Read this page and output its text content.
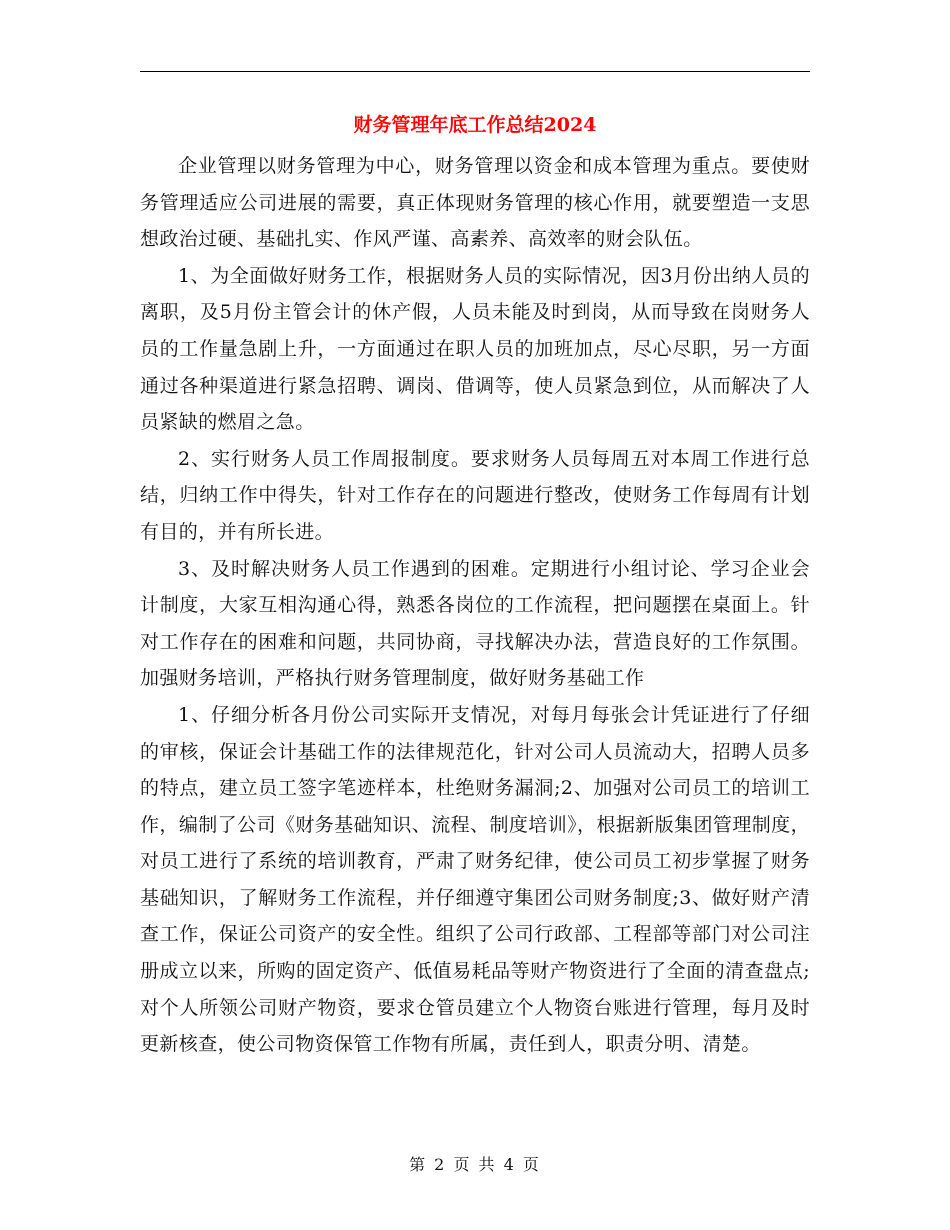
财务管理年底工作总结2024

企业管理以财务管理为中心，财务管理以资金和成本管理为重点。要使财务管理适应公司进展的需要，真正体现财务管理的核心作用，就要塑造一支思想政治过硬、基础扎实、作风严谨、高素养、高效率的财会队伍。

1、为全面做好财务工作，根据财务人员的实际情况，因3月份出纳人员的离职，及5月份主管会计的休产假，人员未能及时到岗，从而导致在岗财务人员的工作量急剧上升，一方面通过在职人员的加班加点，尽心尽职，另一方面通过各种渠道进行紧急招聘、调岗、借调等，使人员紧急到位，从而解决了人员紧缺的燃眉之急。

2、实行财务人员工作周报制度。要求财务人员每周五对本周工作进行总结，归纳工作中得失，针对工作存在的问题进行整改，使财务工作每周有计划有目的，并有所长进。

3、及时解决财务人员工作遇到的困难。定期进行小组讨论、学习企业会计制度，大家互相沟通心得，熟悉各岗位的工作流程，把问题摆在桌面上。针对工作存在的困难和问题，共同协商，寻找解决办法，营造良好的工作氛围。加强财务培训，严格执行财务管理制度，做好财务基础工作

1、仔细分析各月份公司实际开支情况，对每月每张会计凭证进行了仔细的审核，保证会计基础工作的法律规范化，针对公司人员流动大，招聘人员多的特点，建立员工签字笔迹样本，杜绝财务漏洞;2、加强对公司员工的培训工作，编制了公司《财务基础知识、流程、制度培训》，根据新版集团管理制度，对员工进行了系统的培训教育，严肃了财务纪律，使公司员工初步掌握了财务基础知识，了解财务工作流程，并仔细遵守集团公司财务制度;3、做好财产清查工作，保证公司资产的安全性。组织了公司行政部、工程部等部门对公司注册成立以来，所购的固定资产、低值易耗品等财产物资进行了全面的清查盘点;对个人所领公司财产物资，要求仓管员建立个人物资台账进行管理，每月及时更新核查，使公司物资保管工作物有所属，责任到人，职责分明、清楚。

第 2 页 共 4 页
